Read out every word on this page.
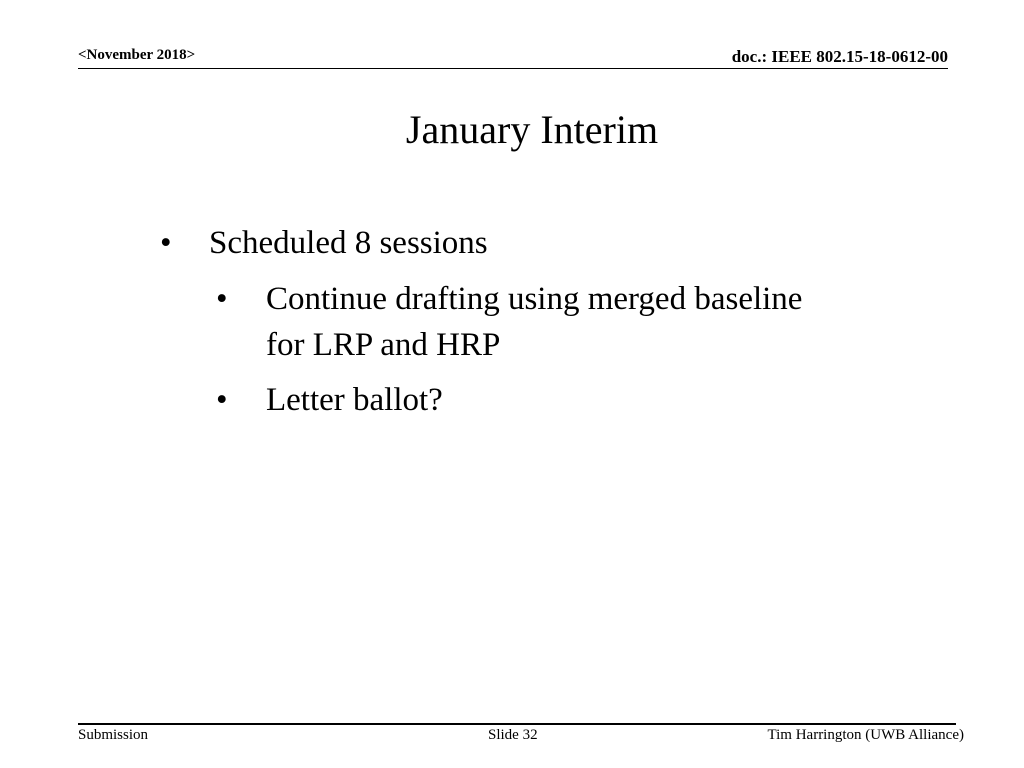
<November 2018>	doc.: IEEE 802.15-18-0612-00
January Interim
• Scheduled 8 sessions
• Continue drafting using merged baseline
for LRP and HRP
• Letter ballot?
Submission	Slide 32	Tim Harrington (UWB Alliance)
